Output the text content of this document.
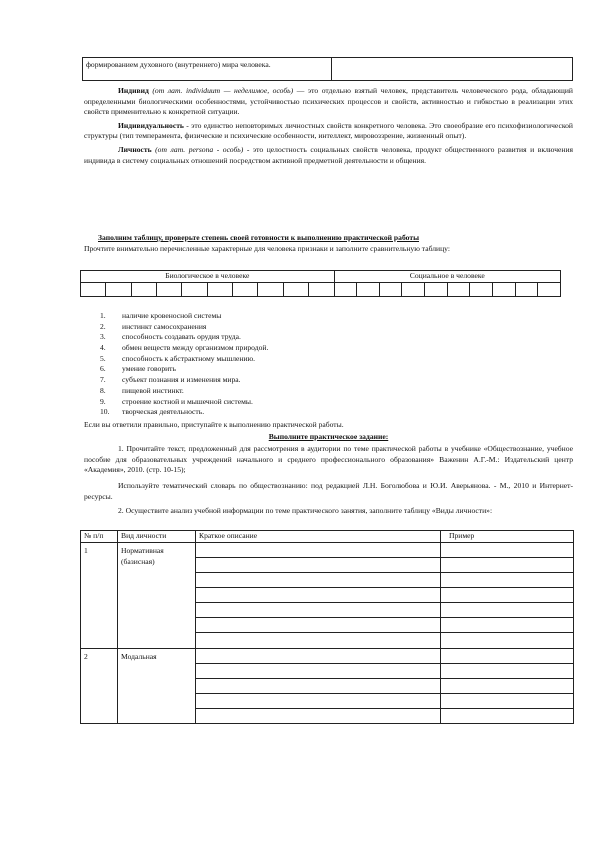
формированием духовного (внутреннего) мира человека.

Индивид (от лат. individuum — неделимое, особь) — это отдельно взятый человек, представитель человеческого рода, обладающий определенными биологическими особенностями, устойчивостью психических процессов и свойств, активностью и гибкостью в реализации этих свойств применительно к конкретной ситуации.
Индивидуальность - это единство неповторимых личностных свойств конкретного человека. Это своеобразие его психофизиологической структуры (тип темперамента, физические и психические особенности, интеллект, мировоззрение, жизненный опыт).
Личность (от лат. persona - особь) - это целостность социальных свойств человека, продукт общественного развития и включения индивида в систему социальных отношений посредством активной предметной деятельности и общения.
Заполним таблицу, проверьте степень своей готовности к выполнению практической работы
Прочтите внимательно перечисленные характерные для человека признаки и заполните сравнительную таблицу:
Биологическое в человеке										Социальное в человеке									

1.	наличие кровеносной системы
2.	инстинкт самосохранения
3.	способность создавать орудия труда.
4.	обмен веществ между организмом природой.
5.	способность к абстрактному мышлению.
6.	умение говорить
7.	субъект познания и изменения мира.
8.	пищевой инстинкт.
9.	строение костной и мышечной системы.
10.	творческая деятельность.
Если вы ответили правильно, приступайте к выполнению практической работы.
Выполните практическое задание:
1. Прочитайте текст, предложенный для рассмотрения в аудитории по теме практической работы в учебнике «Обществознание, учебное пособие для образовательных учреждений начального и среднего профессионального образования» Важенин А.Г.-М.: Издательский центр «Академия», 2010. (стр. 10-15);
Используйте тематический словарь по обществознанию: под редакцией Л.Н. Боголюбова и Ю.И. Аверьянова. - М., 2010 и Интернет-ресурсы.
2. Осуществите анализ учебной информации по теме практического занятия, заполните таблицу «Виды личности»:
№ п/п	Вид личности	Краткое описание	Пример
1	Нормативная (базисная)		

2	Модальная		
